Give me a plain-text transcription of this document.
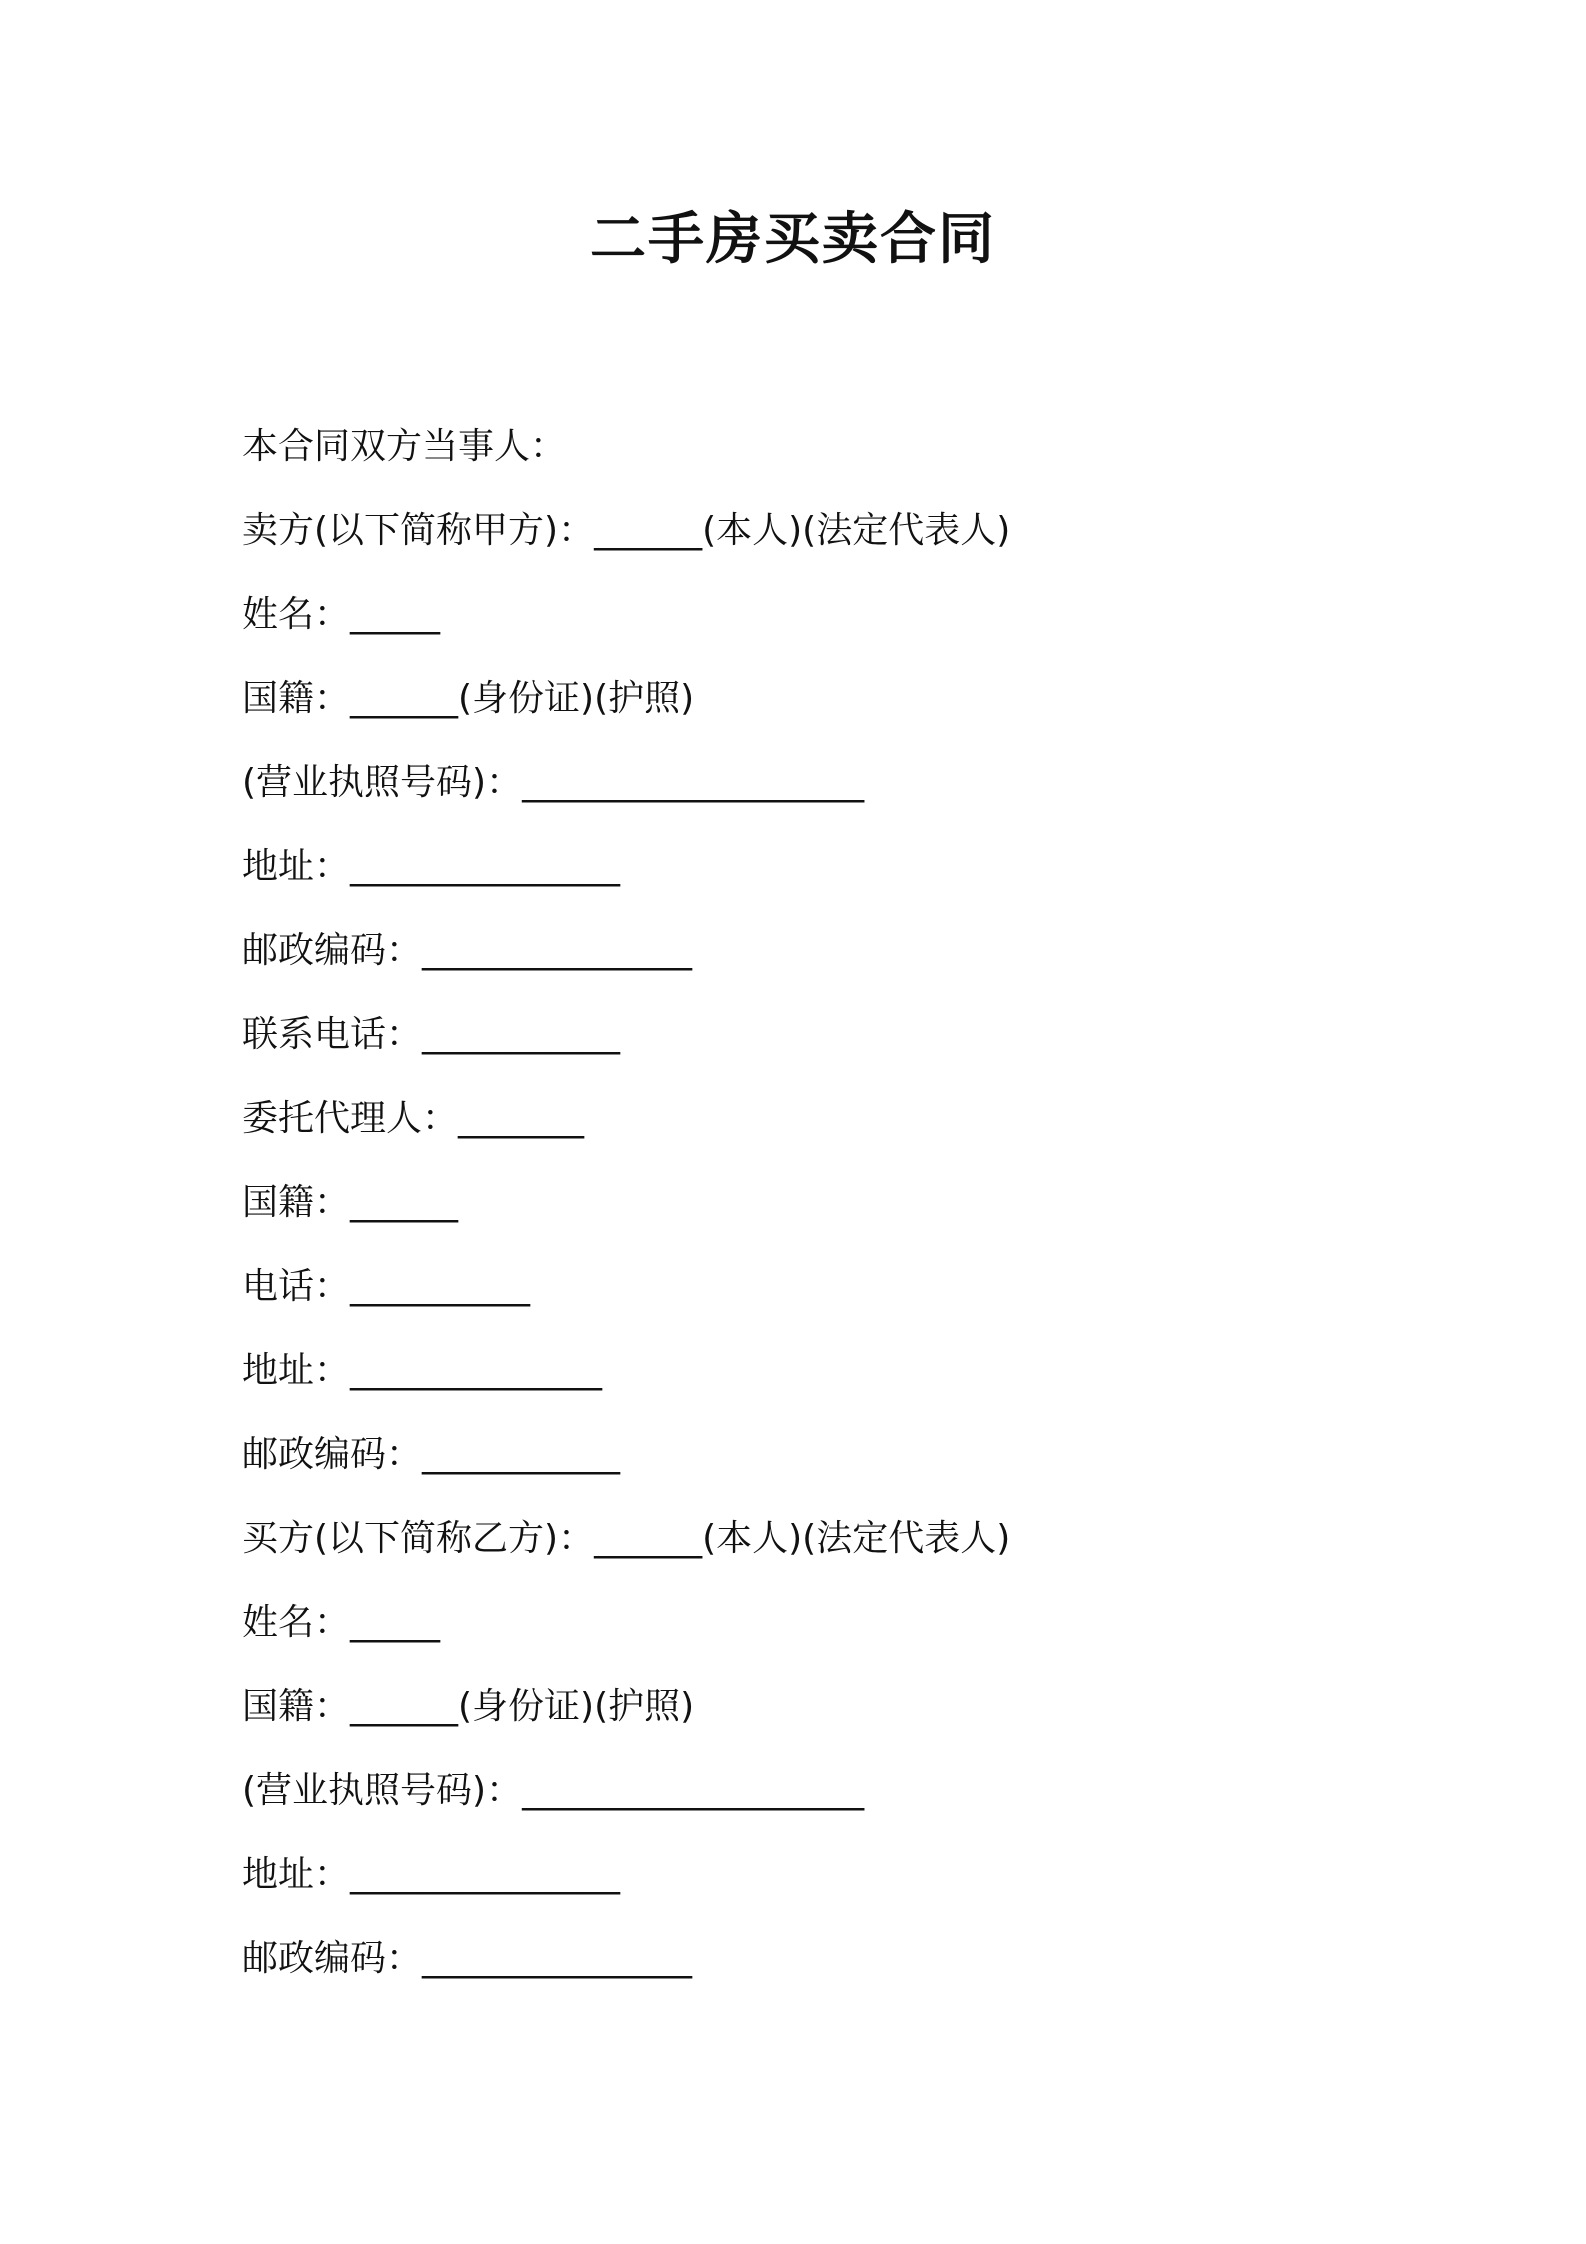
二手房买卖合同

本合同双方当事人：

卖方(以下简称甲方)：______(本人)(法定代表人)

姓名：_____

国籍：______(身份证)(护照)

(营业执照号码)：___________________

地址：_______________

邮政编码：_______________

联系电话：___________

委托代理人：_______

国籍：______

电话：__________

地址：______________

邮政编码：___________

买方(以下简称乙方)：______(本人)(法定代表人)

姓名：_____

国籍：______(身份证)(护照)

(营业执照号码)：___________________

地址：_______________

邮政编码：_______________
